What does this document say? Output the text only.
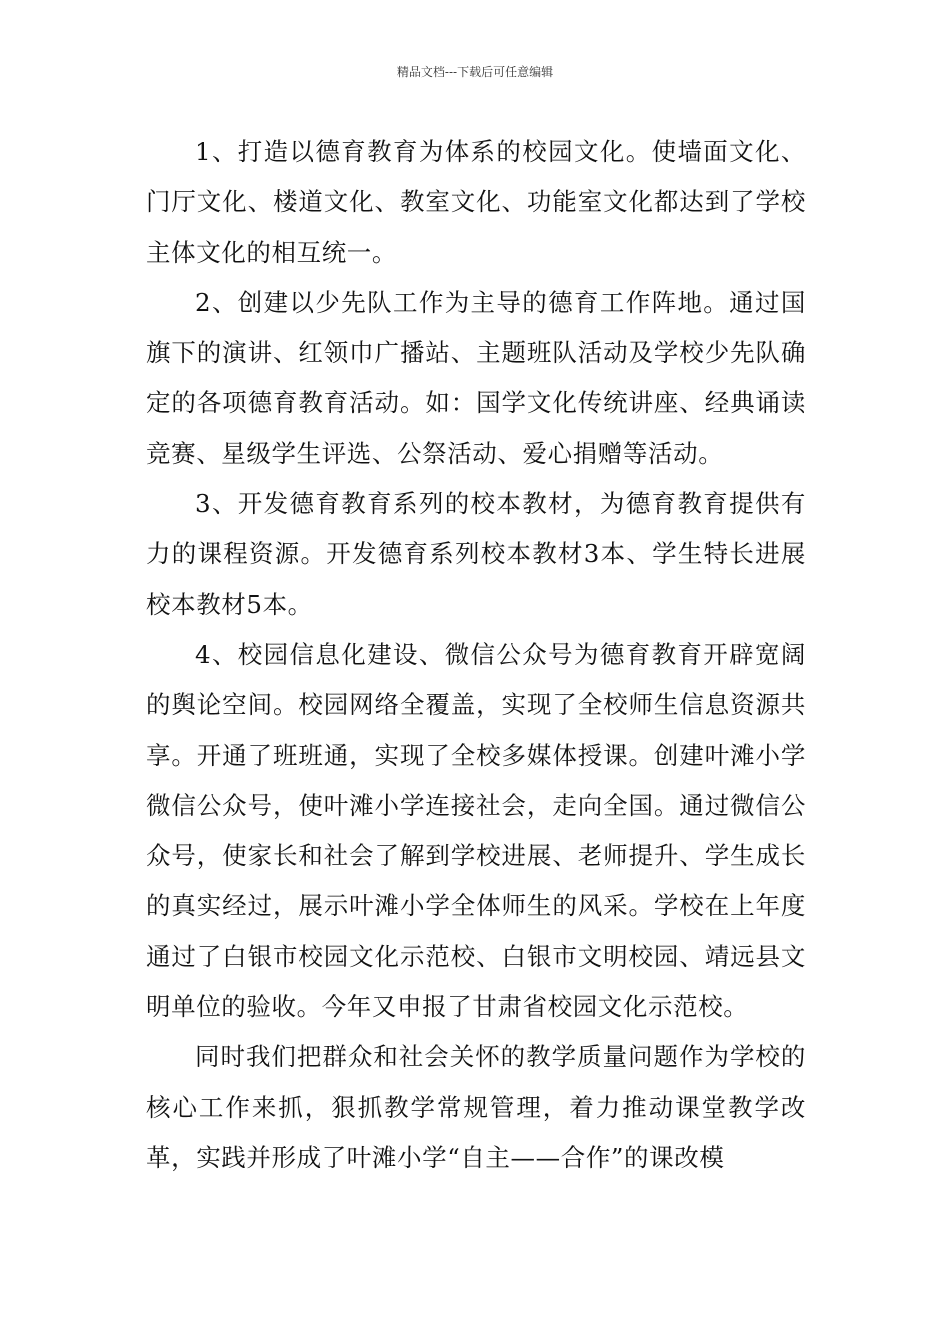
精品文档---下载后可任意编辑

1、打造以德育教育为体系的校园文化。使墙面文化、门厅文化、楼道文化、教室文化、功能室文化都达到了学校主体文化的相互统一。

2、创建以少先队工作为主导的德育工作阵地。通过国旗下的演讲、红领巾广播站、主题班队活动及学校少先队确定的各项德育教育活动。如：国学文化传统讲座、经典诵读竞赛、星级学生评选、公祭活动、爱心捐赠等活动。

3、开发德育教育系列的校本教材，为德育教育提供有力的课程资源。开发德育系列校本教材3本、学生特长进展校本教材5本。

4、校园信息化建设、微信公众号为德育教育开辟宽阔的舆论空间。校园网络全覆盖，实现了全校师生信息资源共享。开通了班班通，实现了全校多媒体授课。创建叶滩小学微信公众号，使叶滩小学连接社会，走向全国。通过微信公众号，使家长和社会了解到学校进展、老师提升、学生成长的真实经过，展示叶滩小学全体师生的风采。学校在上年度通过了白银市校园文化示范校、白银市文明校园、靖远县文明单位的验收。今年又申报了甘肃省校园文化示范校。

同时我们把群众和社会关怀的教学质量问题作为学校的核心工作来抓，狠抓教学常规管理，着力推动课堂教学改革，实践并形成了叶滩小学“自主——合作”的课改模
